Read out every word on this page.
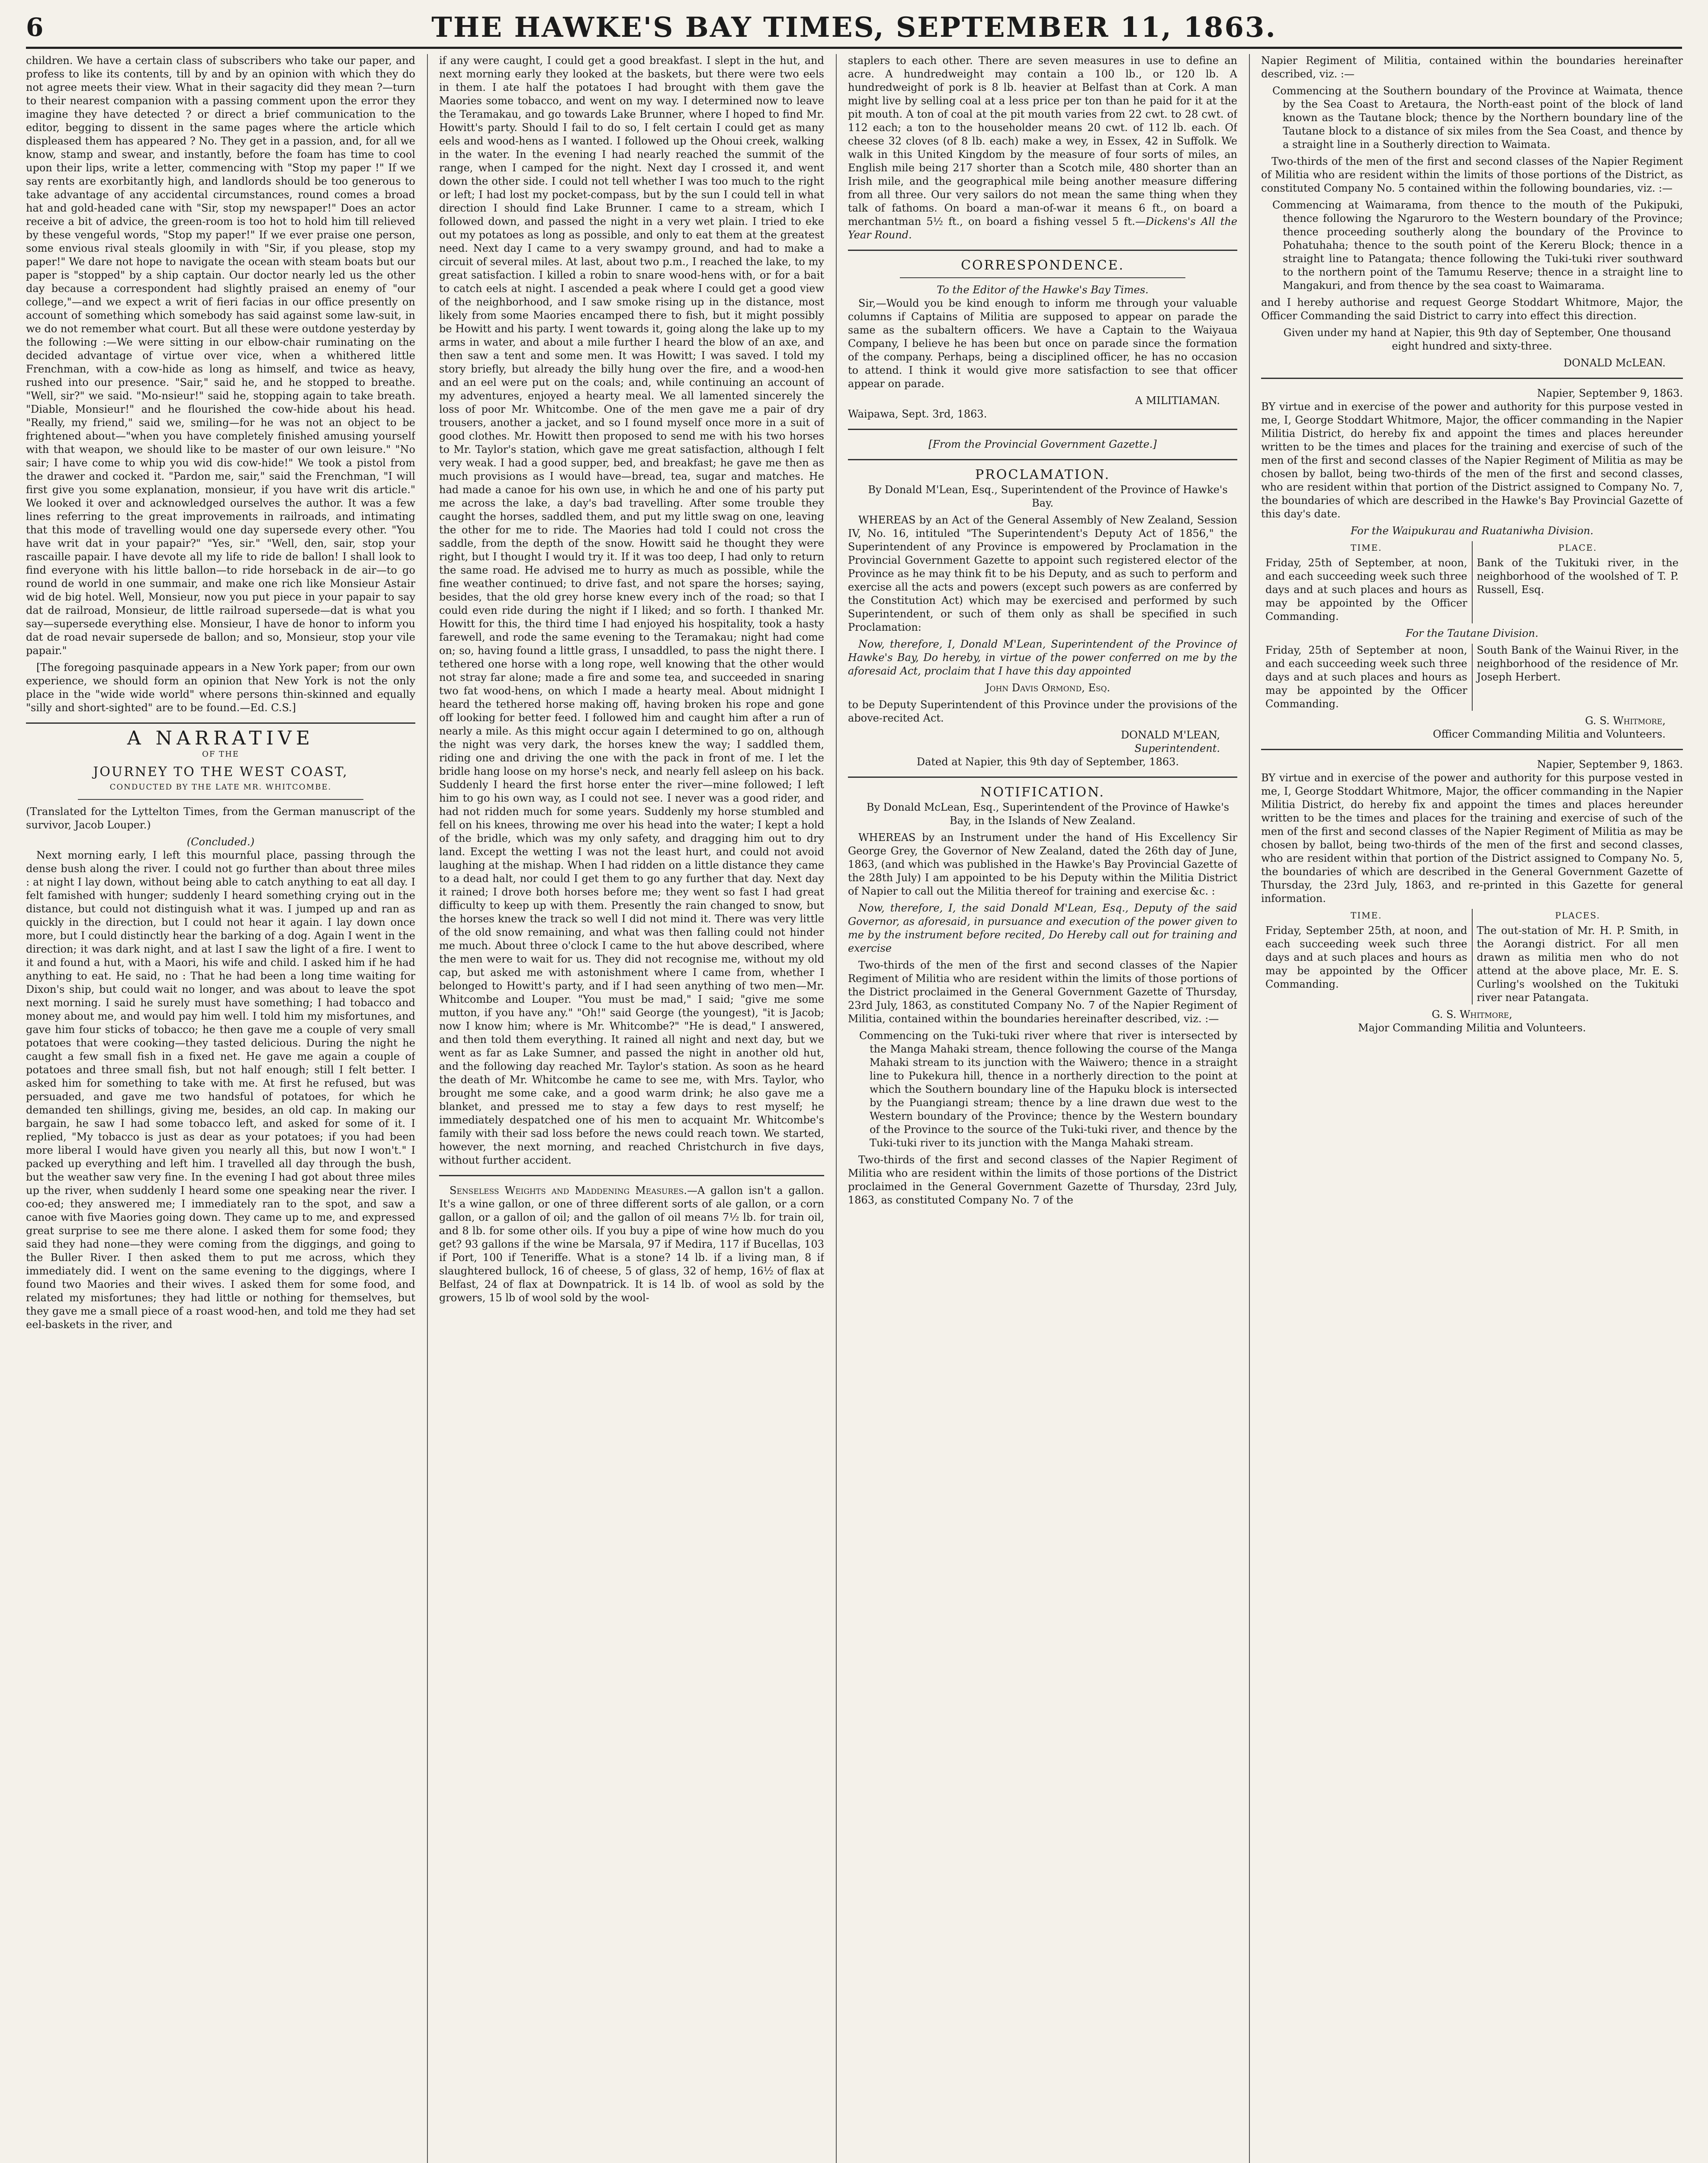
6	THE HAWKE'S BAY TIMES, SEPTEMBER 11, 1863.

children. We have a certain class of subscribers who take our paper, and profess to like its contents, till by and by an opinion with which they do not agree meets their view. What in their sagacity did they mean ?—turn to their nearest companion with a passing comment upon the error they imagine they have detected ? or direct a brief communication to the editor, begging to dissent in the same pages where the article which displeased them has appeared ? No. They get in a passion, and, for all we know, stamp and swear, and instantly, before the foam has time to cool upon their lips, write a letter, commencing with "Stop my paper !" If we say rents are exorbitantly high, and landlords should be too generous to take advantage of any accidental circumstances, round comes a broad hat and gold-headed cane with "Sir, stop my newspaper!" Does an actor receive a bit of advice, the green-room is too hot to hold him till relieved by these vengeful words, "Stop my paper!" If we ever praise one person, some envious rival steals gloomily in with "Sir, if you please, stop my paper!" We dare not hope to navigate the ocean with steam boats but our paper is "stopped" by a ship captain. Our doctor nearly led us the other day because a correspondent had slightly praised an enemy of "our college,"—and we expect a writ of fieri facias in our office presently on account of something which somebody has said against some law-suit, in we do not remember what court. But all these were outdone yesterday by the following :—We were sitting in our elbow-chair ruminating on the decided advantage of virtue over vice, when a whithered little Frenchman, with a cow-hide as long as himself, and twice as heavy, rushed into our presence. "Sair," said he, and he stopped to breathe. "Well, sir?" we said. "Mo-nsieur!" said he, stopping again to take breath. "Diable, Monsieur!" and he flourished the cow-hide about his head. "Really, my friend," said we, smiling—for he was not an object to be frightened about—"when you have completely finished amusing yourself with that weapon, we should like to be master of our own leisure." "No sair; I have come to whip you wid dis cow-hide!" We took a pistol from the drawer and cocked it. "Pardon me, sair," said the Frenchman, "I will first give you some explanation, monsieur, if you have writ dis article." We looked it over and acknowledged ourselves the author. It was a few lines referring to the great improvements in railroads, and intimating that this mode of travelling would one day supersede every other. "You have writ dat in your papair?" "Yes, sir." "Well, den, sair, stop your rascaille papair. I have devote all my life to ride de ballon! I shall look to find everyone with his little ballon—to ride horseback in de air—to go round de world in one summair, and make one rich like Monsieur Astair wid de big hotel. Well, Monsieur, now you put piece in your papair to say dat de railroad, Monsieur, de little railroad supersede—dat is what you say—supersede everything else. Monsieur, I have de honor to inform you dat de road nevair supersede de ballon; and so, Monsieur, stop your vile papair."

[The foregoing pasquinade appears in a New York paper; from our own experience, we should form an opinion that New York is not the only place in the "wide wide world" where persons thin-skinned and equally "silly and short-sighted" are to be found.—Ed. C.S.]

A NARRATIVE
OF THE
JOURNEY TO THE WEST COAST,
CONDUCTED BY THE LATE MR. WHITCOMBE.

(Translated for the Lyttelton Times, from the German manuscript of the survivor, Jacob Louper.)

(Concluded.)

Next morning early, I left this mournful place, passing through the dense bush along the river. I could not go further than about three miles : at night I lay down, without being able to catch anything to eat all day. I felt famished with hunger; suddenly I heard something crying out in the distance, but could not distinguish what it was. I jumped up and ran as quickly in the direction, but I could not hear it again. I lay down once more, but I could distinctly hear the barking of a dog. Again I went in the direction; it was dark night, and at last I saw the light of a fire. I went to it and found a hut, with a Maori, his wife and child. I asked him if he had anything to eat. He said, no : That he had been a long time waiting for Dixon's ship, but could wait no longer, and was about to leave the spot next morning. I said he surely must have something; I had tobacco and money about me, and would pay him well. I told him my misfortunes, and gave him four sticks of tobacco; he then gave me a couple of very small potatoes that were cooking—they tasted delicious. During the night he caught a few small fish in a fixed net. He gave me again a couple of potatoes and three small fish, but not half enough; still I felt better. I asked him for something to take with me. At first he refused, but was persuaded, and gave me two handsful of potatoes, for which he demanded ten shillings, giving me, besides, an old cap. In making our bargain, he saw I had some tobacco left, and asked for some of it. I replied, "My tobacco is just as dear as your potatoes; if you had been more liberal I would have given you nearly all this, but now I won't." I packed up everything and left him. I travelled all day through the bush, but the weather saw very fine. In the evening I had got about three miles up the river, when suddenly I heard some one speaking near the river. I coo-ed; they answered me; I immediately ran to the spot, and saw a canoe with five Maories going down. They came up to me, and expressed great surprise to see me there alone. I asked them for some food; they said they had none—they were coming from the diggings, and going to the Buller River. I then asked them to put me across, which they immediately did. I went on the same evening to the diggings, where I found two Maories and their wives. I asked them for some food, and related my misfortunes; they had little or nothing for themselves, but they gave me a small piece of a roast wood-hen, and told me they had set eel-baskets in the river, and

if any were caught, I could get a good breakfast. I slept in the hut, and next morning early they looked at the baskets, but there were two eels in them. I ate half the potatoes I had brought with them gave the Maories some tobacco, and went on my way. I determined now to leave the Teramakau, and go towards Lake Brunner, where I hoped to find Mr. Howitt's party. Should I fail to do so, I felt certain I could get as many eels and wood-hens as I wanted. I followed up the Ohoui creek, walking in the water. In the evening I had nearly reached the summit of the range, when I camped for the night. Next day I crossed it, and went down the other side. I could not tell whether I was too much to the right or left; I had lost my pocket-compass, but by the sun I could tell in what direction I should find Lake Brunner. I came to a stream, which I followed down, and passed the night in a very wet plain. I tried to eke out my potatoes as long as possible, and only to eat them at the greatest need. Next day I came to a very swampy ground, and had to make a circuit of several miles. At last, about two p.m., I reached the lake, to my great satisfaction. I killed a robin to snare wood-hens with, or for a bait to catch eels at night. I ascended a peak where I could get a good view of the neighborhood, and I saw smoke rising up in the distance, most likely from some Maories encamped there to fish, but it might possibly be Howitt and his party. I went towards it, going along the lake up to my arms in water, and about a mile further I heard the blow of an axe, and then saw a tent and some men. It was Howitt; I was saved. I told my story briefly, but already the billy hung over the fire, and a wood-hen and an eel were put on the coals; and, while continuing an account of my adventures, enjoyed a hearty meal. We all lamented sincerely the loss of poor Mr. Whitcombe. One of the men gave me a pair of dry trousers, another a jacket, and so I found myself once more in a suit of good clothes. Mr. Howitt then proposed to send me with his two horses to Mr. Taylor's station, which gave me great satisfaction, although I felt very weak. I had a good supper, bed, and breakfast; he gave me then as much provisions as I would have—bread, tea, sugar and matches. He had made a canoe for his own use, in which he and one of his party put me across the lake, a day's bad travelling. After some trouble they caught the horses, saddled them, and put my little swag on one, leaving the other for me to ride. The Maories had told I could not cross the saddle, from the depth of the snow. Howitt said he thought they were right, but I thought I would try it. If it was too deep, I had only to return the same road. He advised me to hurry as much as possible, while the fine weather continued; to drive fast, and not spare the horses; saying, besides, that the old grey horse knew every inch of the road; so that I could even ride during the night if I liked; and so forth. I thanked Mr. Howitt for this, the third time I had enjoyed his hospitality, took a hasty farewell, and rode the same evening to the Teramakau; night had come on; so, having found a little grass, I unsaddled, to pass the night there. I tethered one horse with a long rope, well knowing that the other would not stray far alone; made a fire and some tea, and succeeded in snaring two fat wood-hens, on which I made a hearty meal. About midnight I heard the tethered horse making off, having broken his rope and gone off looking for better feed. I followed him and caught him after a run of nearly a mile. As this might occur again I determined to go on, although the night was very dark, the horses knew the way; I saddled them, riding one and driving the one with the pack in front of me. I let the bridle hang loose on my horse's neck, and nearly fell asleep on his back. Suddenly I heard the first horse enter the river—mine followed; I left him to go his own way, as I could not see. I never was a good rider, and had not ridden much for some years. Suddenly my horse stumbled and fell on his knees, throwing me over his head into the water; I kept a hold of the bridle, which was my only safety, and dragging him out to dry land. Except the wetting I was not the least hurt, and could not avoid laughing at the mishap. When I had ridden on a little distance they came to a dead halt, nor could I get them to go any further that day. Next day it rained; I drove both horses before me; they went so fast I had great difficulty to keep up with them. Presently the rain changed to snow, but the horses knew the track so well I did not mind it. There was very little of the old snow remaining, and what was then falling could not hinder me much. About three o'clock I came to the hut above described, where the men were to wait for us. They did not recognise me, without my old cap, but asked me with astonishment where I came from, whether I belonged to Howitt's party, and if I had seen anything of two men—Mr. Whitcombe and Louper. "You must be mad," I said; "give me some mutton, if you have any." "Oh!" said George (the youngest), "it is Jacob; now I know him; where is Mr. Whitcombe?" "He is dead," I answered, and then told them everything. It rained all night and next day, but we went as far as Lake Sumner, and passed the night in another old hut, and the following day reached Mr. Taylor's station. As soon as he heard the death of Mr. Whitcombe he came to see me, with Mrs. Taylor, who brought me some cake, and a good warm drink; he also gave me a blanket, and pressed me to stay a few days to rest myself; he immediately despatched one of his men to acquaint Mr. Whitcombe's family with their sad loss before the news could reach town. We started, however, the next morning, and reached Christchurch in five days, without further accident.

Senseless Weights and Maddening Measures.—A gallon isn't a gallon. It's a wine gallon, or one of three different sorts of ale gallon, or a corn gallon, or a gallon of oil; and the gallon of oil means 7½ lb. for train oil, and 8 lb. for some other oils. If you buy a pipe of wine how much do you get? 93 gallons if the wine be Marsala, 97 if Medira, 117 if Bucellas, 103 if Port, 100 if Teneriffe. What is a stone? 14 lb. if a living man, 8 if slaughtered bullock, 16 of cheese, 5 of glass, 32 of hemp, 16½ of flax at Belfast, 24 of flax at Downpatrick. It is 14 lb. of wool as sold by the growers, 15 lb of wool sold by the wool-

staplers to each other. There are seven measures in use to define an acre. A hundredweight may contain a 100 lb., or 120 lb. A hundredweight of pork is 8 lb. heavier at Belfast than at Cork. A man might live by selling coal at a less price per ton than he paid for it at the pit mouth. A ton of coal at the pit mouth varies from 22 cwt. to 28 cwt. of 112 each; a ton to the householder means 20 cwt. of 112 lb. each. Of cheese 32 cloves (of 8 lb. each) make a wey, in Essex, 42 in Suffolk. We walk in this United Kingdom by the measure of four sorts of miles, an English mile being 217 shorter than a Scotch mile, 480 shorter than an Irish mile, and the geographical mile being another measure differing from all three. Our very sailors do not mean the same thing when they talk of fathoms. On board a man-of-war it means 6 ft., on board a merchantman 5½ ft., on board a fishing vessel 5 ft.—Dickens's All the Year Round.

CORRESPONDENCE.
To the Editor of the Hawke's Bay Times.

Sir,—Would you be kind enough to inform me through your valuable columns if Captains of Militia are supposed to appear on parade the same as the subaltern officers. We have a Captain to the Waiyaua Company, I believe he has been but once on parade since the formation of the company. Perhaps, being a disciplined officer, he has no occasion to attend. I think it would give more satisfaction to see that officer appear on parade.

A MILITIAMAN.

Waipawa, Sept. 3rd, 1863.

[From the Provincial Government Gazette.]
PROCLAMATION.

By Donald M'Lean, Esq., Superintendent of the Province of Hawke's Bay.

WHEREAS by an Act of the General Assembly of New Zealand, Session IV, No. 16, intituled "The Superintendent's Deputy Act of 1856," the Superintendent of any Province is empowered by Proclamation in the Provincial Government Gazette to appoint such registered elector of the Province as he may think fit to be his Deputy, and as such to perform and exercise all the acts and powers (except such powers as are conferred by the Constitution Act) which may be exercised and performed by such Superintendent, or such of them only as shall be specified in such Proclamation:

Now, therefore, I, Donald M'Lean, Superintendent of the Province of Hawke's Bay, Do hereby, in virtue of the power conferred on me by the aforesaid Act, proclaim that I have this day appointed

John Davis Ormond, Esq.

to be Deputy Superintendent of this Province under the provisions of the above-recited Act.

DONALD M'LEAN,
Superintendent.

Dated at Napier, this 9th day of September, 1863.

NOTIFICATION.

By Donald McLean, Esq., Superintendent of the Province of Hawke's Bay, in the Islands of New Zealand.

WHEREAS by an Instrument under the hand of His Excellency Sir George Grey, the Governor of New Zealand, dated the 26th day of June, 1863, (and which was published in the Hawke's Bay Provincial Gazette of the 28th July) I am appointed to be his Deputy within the Militia District of Napier to call out the Militia thereof for training and exercise &c. :

Now, therefore, I, the said Donald M'Lean, Esq., Deputy of the said Governor, as aforesaid, in pursuance and execution of the power given to me by the instrument before recited, Do Hereby call out for training and exercise

Two-thirds of the men of the first and second classes of the Napier Regiment of Militia who are resident within the limits of those portions of the District proclaimed in the General Government Gazette of Thursday, 23rd July, 1863, as constituted Company No. 7 of the Napier Regiment of Militia, contained within the boundaries hereinafter described, viz. :—

Commencing on the Tuki-tuki river where that river is intersected by the Manga Mahaki stream, thence following the course of the Manga Mahaki stream to its junction with the Waiwero; thence in a straight line to Pukekura hill, thence in a northerly direction to the point at which the Southern boundary line of the Hapuku block is intersected by the Puangiangi stream; thence by a line drawn due west to the Western boundary of the Province; thence by the Western boundary of the Province to the source of the Tuki-tuki river, and thence by the Tuki-tuki river to its junction with the Manga Mahaki stream.

Two-thirds of the first and second classes of the Napier Regiment of Militia who are resident within the limits of those portions of the District proclaimed in the General Government Gazette of Thursday, 23rd July, 1863, as constituted Company No. 7 of the

Napier Regiment of Militia, contained within the boundaries hereinafter described, viz. :—

Commencing at the Southern boundary of the Province at Waimata, thence by the Sea Coast to Aretaura, the North-east point of the block of land known as the Tautane block; thence by the Northern boundary line of the Tautane block to a distance of six miles from the Sea Coast, and thence by a straight line in a Southerly direction to Waimata.

Two-thirds of the men of the first and second classes of the Napier Regiment of Militia who are resident within the limits of those portions of the District, as constituted Company No. 5 contained within the following boundaries, viz. :—

Commencing at Waimarama, from thence to the mouth of the Pukipuki, thence following the Ngaruroro to the Western boundary of the Province; thence proceeding southerly along the boundary of the Province to Pohatuhaha; thence to the south point of the Kereru Block; thence in a straight line to Patangata; thence following the Tuki-tuki river southward to the northern point of the Tamumu Reserve; thence in a straight line to Mangakuri, and from thence by the sea coast to Waimarama.

and I hereby authorise and request George Stoddart Whitmore, Major, the Officer Commanding the said District to carry into effect this direction.

Given under my hand at Napier, this 9th day of September, One thousand eight hundred and sixty-three.

DONALD McLEAN.
Napier, September 9, 1863.

BY virtue and in exercise of the power and authority for this purpose vested in me, I, George Stoddart Whitmore, Major, the officer commanding in the Napier Militia District, do hereby fix and appoint the times and places hereunder written to be the times and places for the training and exercise of such of the men of the first and second classes of the Napier Regiment of Militia as may be chosen by ballot, being two-thirds of the men of the first and second classes, who are resident within that portion of the District assigned to Company No. 7, the boundaries of which are described in the Hawke's Bay Provincial Gazette of this day's date.

For the Waipukurau and Ruataniwha Division.
TIME.
Friday, 25th of September, at noon, and each succeeding week such three days and at such places and hours as may be appointed by the Officer Commanding.
PLACE.
Bank of the Tukituki river, in the neighborhood of the woolshed of T. P. Russell, Esq.
For the Tautane Division.
Friday, 25th of September at noon, and each succeeding week such three days and at such places and hours as may be appointed by the Officer Commanding.
South Bank of the Wainui River, in the neighborhood of the residence of Mr. Joseph Herbert.
G. S. Whitmore,
Officer Commanding Militia and Volunteers.
Napier, September 9, 1863.

BY virtue and in exercise of the power and authority for this purpose vested in me, I, George Stoddart Whitmore, Major, the officer commanding in the Napier Militia District, do hereby fix and appoint the times and places hereunder written to be the times and places for the training and exercise of such of the men of the first and second classes of the Napier Regiment of Militia as may be chosen by ballot, being two-thirds of the men of the first and second classes, who are resident within that portion of the District assigned to Company No. 5, the boundaries of which are described in the General Government Gazette of Thursday, the 23rd July, 1863, and re-printed in this Gazette for general information.

TIME.
Friday, September 25th, at noon, and each succeeding week such three days and at such places and hours as may be appointed by the Officer Commanding.
PLACES.
The out-station of Mr. H. P. Smith, in the Aorangi district. For all men drawn as militia men who do not attend at the above place, Mr. E. S. Curling's woolshed on the Tukituki river near Patangata.
G. S. Whitmore,
Major Commanding Militia and Volunteers.
